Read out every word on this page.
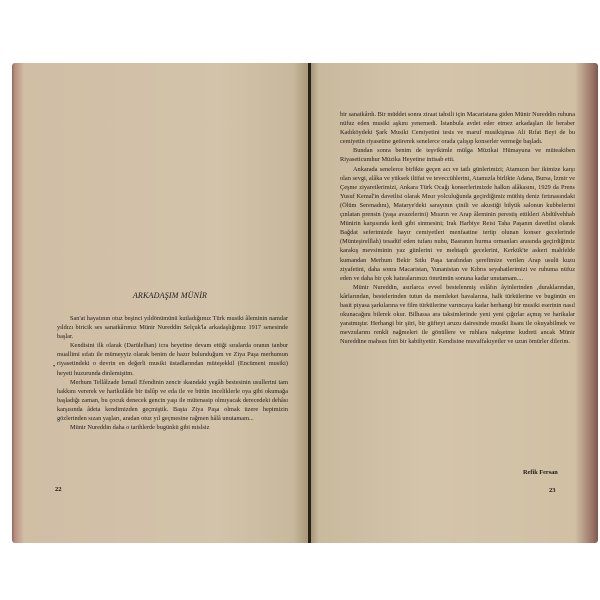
ARKADAŞIM MÜNİR
•

San'at hayatının otuz beşinci yıldönümünü kutladığımız Türk musiki âleminin namdar yıldızı biricik ses sanatkârımız Münir Nureddin Selçuk'la arkadaşlığımız 1917 senesinde başlar.

Kendisini ilk olarak (Darülelhan) icra heyetine devam ettiği sıralarda oranın tanbur muallimi sıfatı ile mümeyyiz olarak benim de hazır bulunduğum ve Ziya Paşa merhumun riyasetindeki o devrin en değerli musiki üstadlarından müteşekkil (Encümeni musiki) heyeti huzurunda dinlemiştim.

Merhum Tellâlzade İsmail Efendinin zencir ıkaındaki yegâh bestesinin usullerini tam hakkını vererek ve harikulâde bir üslûp ve eda ile ve bütün inceliklerle oya gibi okumağa başladığı zaman, bu çocuk denecek gencin yaşı ile mütenasip olmıyacak derecedeki dehâsı karşısında âdeta kendimizden geçmiştik. Başta Ziya Paşa olmak üzere hepimizin gözlerinden sızan yaşları, aradan otuz yıl geçmesine rağmen hâlâ unutamam...

Münir Nureddin daha o tarihlerde bugünkü gibi mislsiz

22

bir sanatkârdı. Bir müddet sonra ziraat tahsili için Macaristana giden Münir Nureddin ruhuna nüfuz eden musiki aşkını yenemedi. İstanbula avdet eder etmez arkadaşları ile beraber Kadıköydeki Şark Musiki Cemiyetini tesis ve maruf musikişinas Ali Rıfat Beyi de bu cemiyetin riyasetine getirerek senelerce orada çalışıp konserler vermeğe başladı.

Bundan sonra benim de teşvikimle mülga Müzikai Hümayuna ve müteakiben Riyaseticumhur Müzika Heyetine intisab etti.

Ankarada senelerce birlikte geçen acı ve tatlı günlerimizi; Atamızın her ikimize karşı olan sevgi, alâka ve yüksek iltifat ve teveccühlerini, Atamızla birlikte Adana, Bursa, İzmir ve Çeşme ziyaretlerimizi, Ankara Türk Ocağı konserlerimizde halkın alâkasını, 1929 da Prens Yusuf Kemal'in davetlisi olarak Mısır yolculuğunda geçirdiğimiz müthiş deniz fırtınasındaki (Ölüm Serenadını), Matarye'deki sarayının çinili ve akustiği bilyük salonun kubbelerini çınlatan prensin (yaşa avazelerini) Mısırın ve Arap âleminin perestiş ettikleri Abdülvehhab Münirin karşısında kedi gibi sinmesini; Irak Harbiye Reisi Taha Paşanın davetlisi olarak Bağdat seferimizde hayır cemiyetleri menfaatine tertip olunan konser gecelerinde (Münteşirelllah) tesadüf eden tufanı nuhu, Basranın hurma ormanları arasında geçirdiğimiz karakış mevsiminin yaz günlerini ve mehtaplı gecelerini, Kerkük'te askeri mahfelde kumandan Merhum Bekir Sıtkı Paşa tarafından şerefimize verilen Arap usulü kuzu ziyafetini, daha sonra Macaristan, Yunanistan ve Kıbrıs seyahatlerimizi ve ruhuma nüfuz eden ve daha bir çok hatıralarımızı ömrümün sonuna kadar unutamam....

Münir Nureddin, asırlarca evvel bestelenmiş eslâfın âyinlerinden ,duraklarından, kârlarından, bestelerinden tutun da memleket havalarına, halk türkülerine ve bugünün en basit piyasa şarkılarına ve film türkülerine varıncaya kadar herhangi bir musiki eserinin nasıl okunacağını bilerek okur. Bilhassa ara taksimlerinde yeni yeni çığırlar açmış ve harikalar yaratmıştır. Herhangi bir şiiri, bir güfteyi aruzu dairesinde musiki lisanı ile okuyabilmek ve mevzularını renkli nağmeleri ile gönüllere ve ruhlara nakşetme kudreti ancak Münir Nureddine mahsus fıtri bir kabiliyettir. Kendisine muvaffakıyetler ve uzun ömürler dilerim.

Refik Fersan
23
